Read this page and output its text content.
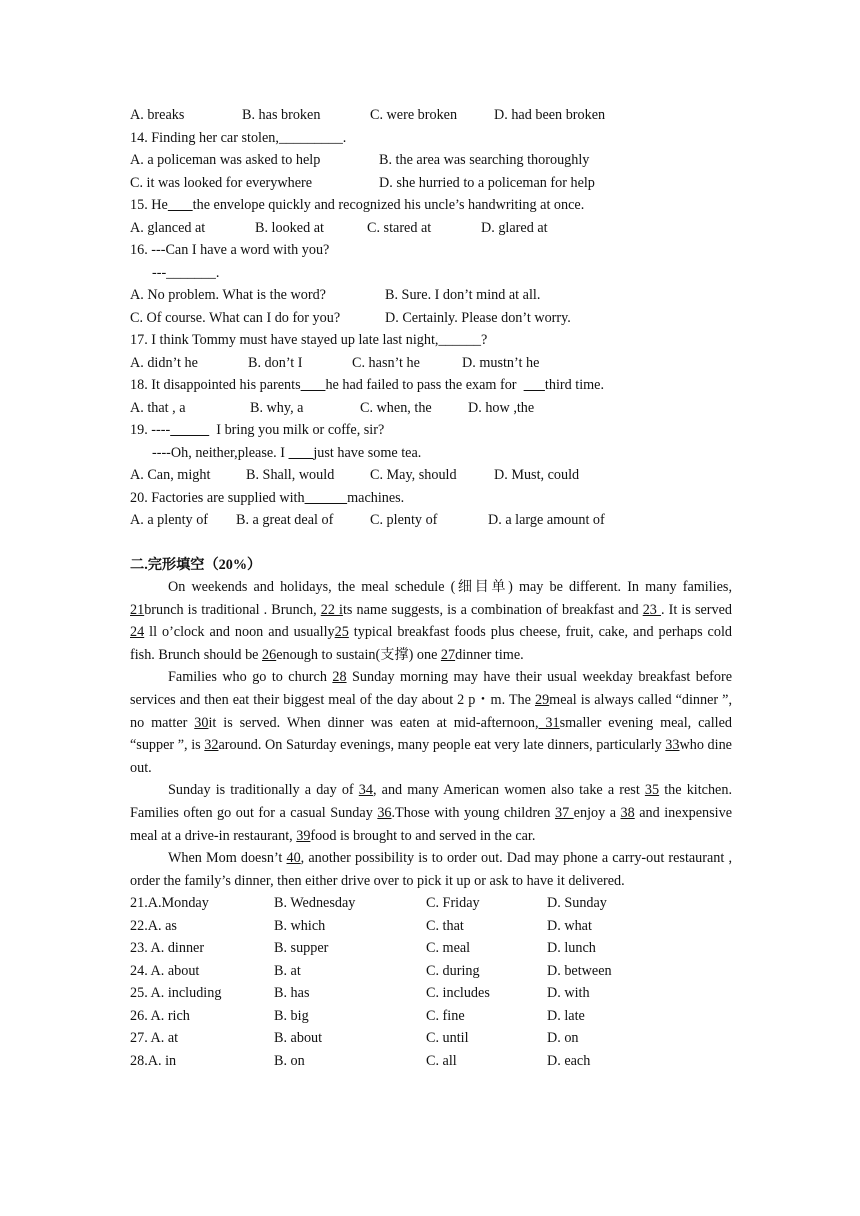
A. breaks	B. has broken	C. were broken	D. had been broken
14. Finding her car stolen,_________.
A. a policeman was asked to help	B. the area was searching thoroughly
C. it was looked for everywhere	D. she hurried to a policeman for help
15. He the envelope quickly and recognized his uncle’s handwriting at once.
A. glanced at	B. looked at	C. stared at	D. glared at
16. ---Can I have a word with you?
---_______.
A. No problem. What is the word?	B. Sure. I don’t mind at all.
C. Of course. What can I do for you?	D. Certainly. Please don’t worry.
17. I think Tommy must have stayed up late last night,______?
A. didn’t he	B. don’t I	C. hasn’t he	D. mustn’t he
18. It disappointed his parents he had failed to pass the exam for third time.
A. that , a	B. why, a	C. when, the	D. how ,the
19. ----	I bring you milk or coffe, sir?
----Oh, neither,please. I just have some tea.
A. Can, might	B. Shall, would	C. May, should	D. Must, could
20. Factories are supplied with	machines.
A. a plenty of	B. a great deal of	C. plenty of	D. a large amount of
二.完形填空（20%）
On weekends and holidays, the meal schedule (细目单) may be different. In many families, 21brunch is traditional . Brunch, 22 its name suggests, is a combination of breakfast and 23 . It is served 24 ll o’clock and noon and usually25 typical breakfast foods plus cheese, fruit, cake, and perhaps cold fish. Brunch should be 26enough to sustain(支撑) one 27dinner time.
Families who go to church 28 Sunday morning may have their usual weekday breakfast before services and then eat their biggest meal of the day about 2 p・m. The 29meal is always called “dinner ”, no matter 30it is served. When dinner was eaten at mid-afternoon, 31smaller evening meal, called “supper ”, is 32around. On Saturday evenings, many people eat very late dinners, particularly 33who dine out.
Sunday is traditionally a day of 34, and many American women also take a rest 35 the kitchen. Families often go out for a casual Sunday 36.Those with young children 37 enjoy a 38 and inexpensive meal at a drive-in restaurant, 39food is brought to and served in the car.
When Mom doesn’t 40, another possibility is to order out. Dad may phone a carry-out restaurant , order the family’s dinner, then either drive over to pick it up or ask to have it delivered.
21.A.Monday	B. Wednesday	C. Friday	D. Sunday
22.A. as	B. which	C. that	D. what
23. A. dinner	B. supper	C. meal	D. lunch
24. A. about	B. at	C. during	D. between
25. A. including	B. has	C. includes	D. with
26. A. rich	B. big	C. fine	D. late
27. A. at	B. about	C. until	D. on
28.A. in	B. on	C. all	D. each
